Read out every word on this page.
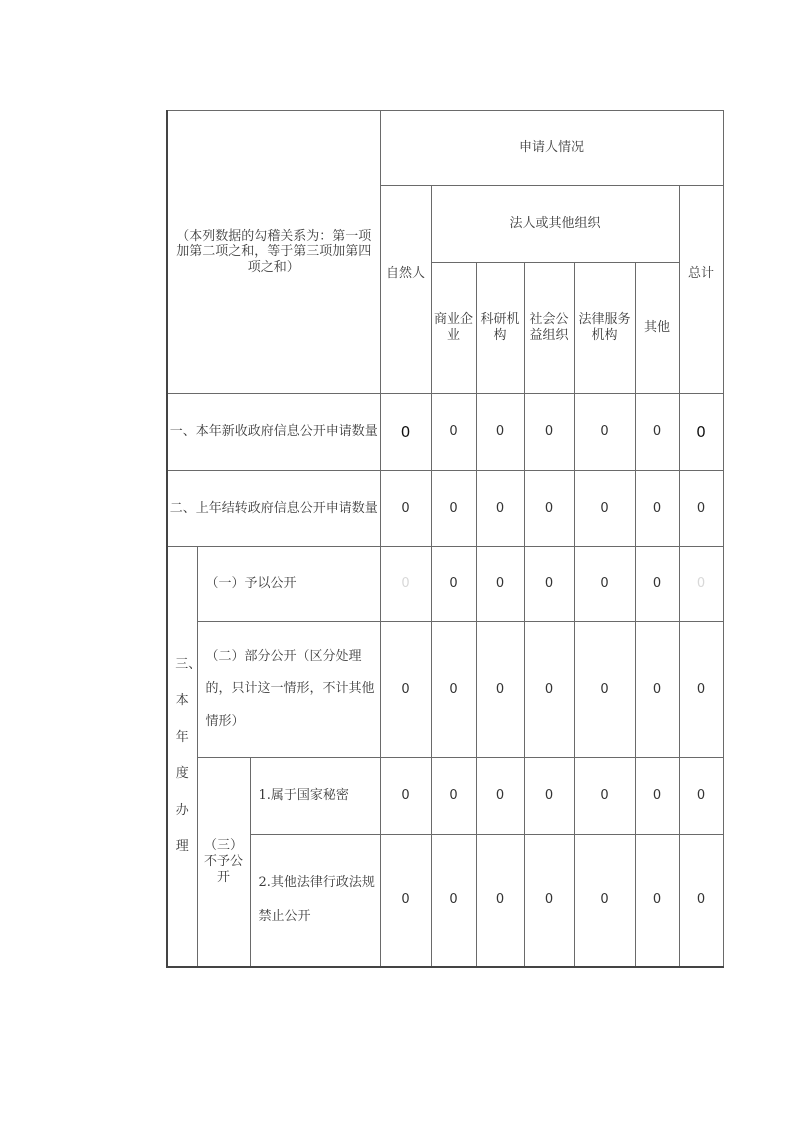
（本列数据的勾稽关系为：第一项加第二项之和，等于第三项加第四项之和）			申请人情况						
			自然人	法人或其他组织					总计
				商业企业	科研机构	社会公益组织	法律服务机构	其他	
一、本年新收政府信息公开申请数量			0	0	0	0	0	0	0
二、上年结转政府信息公开申请数量			0	0	0	0	0	0	0
三、本年度办理	（一）予以公开		0	0	0	0	0	0	0
	（二）部分公开（区分处理的，只计这一情形，不计其他情形）		0	0	0	0	0	0	0
	（三）不予公开	1.属于国家秘密	0	0	0	0	0	0	0
		2.其他法律行政法规禁止公开	0	0	0	0	0	0	0
